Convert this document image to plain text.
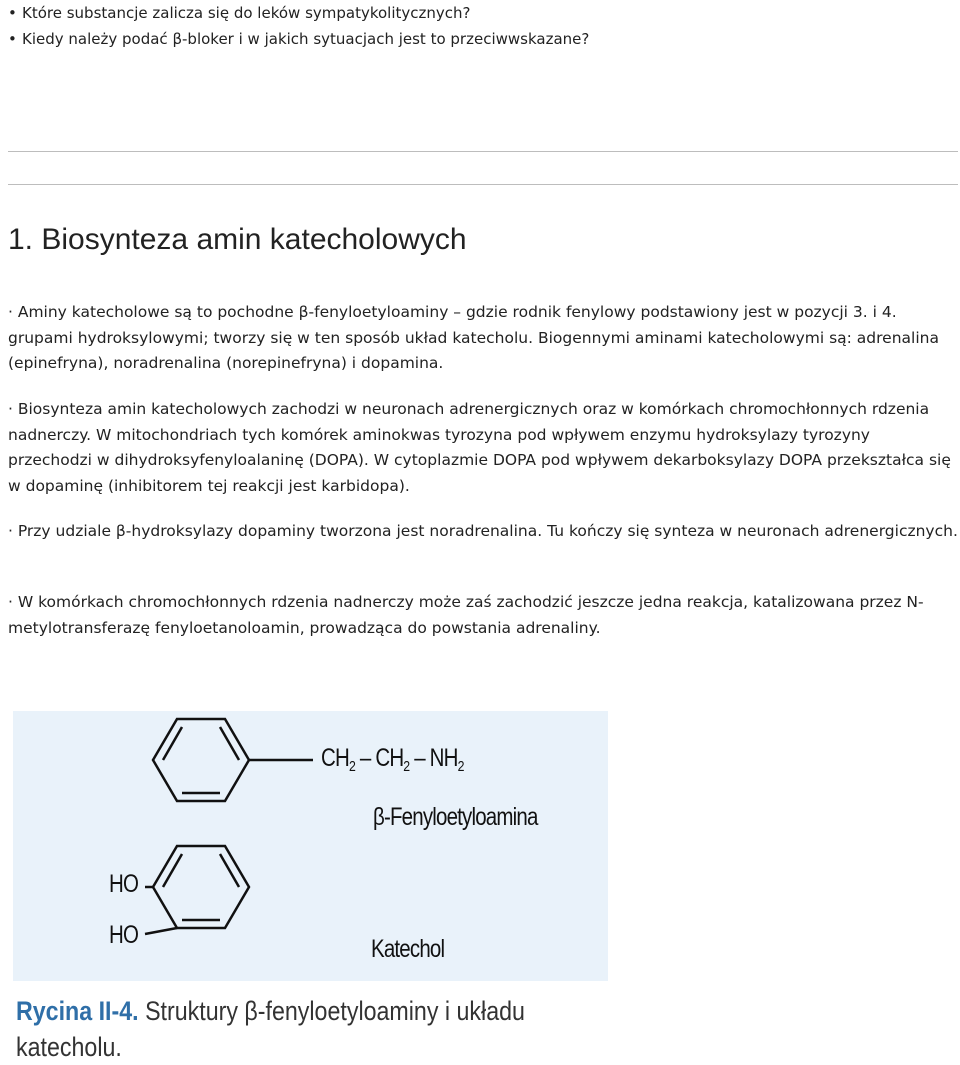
• Które substancje zalicza się do leków sympatykolitycznych?
• Kiedy należy podać β-bloker i w jakich sytuacjach jest to przeciwwskazane?
1. Biosynteza amin katecholowych

· Aminy katecholowe są to pochodne β-fenyloetyloaminy – gdzie rodnik fenylowy podstawiony jest w pozycji 3. i 4. grupami hydroksylowymi; tworzy się w ten sposób układ katecholu. Biogennymi aminami katecholowymi są: adrenalina (epinefryna), noradrenalina (norepinefryna) i dopamina.

· Biosynteza amin katecholowych zachodzi w neuronach adrenergicznych oraz w komórkach chromochłonnych rdzenia nadnerczy. W mitochondriach tych komórek aminokwas tyrozyna pod wpływem enzymu hydroksylazy tyrozyny przechodzi w dihydroksyfenyloalaninę (DOPA). W cytoplazmie DOPA pod wpływem dekarboksylazy DOPA przekształca się w dopaminę (inhibitorem tej reakcji jest karbidopa).

· Przy udziale β-hydroksylazy dopaminy tworzona jest noradrenalina. Tu kończy się synteza w neuronach adrenergicznych.

· W komórkach chromochłonnych rdzenia nadnerczy może zaś zachodzić jeszcze jedna reakcja, katalizowana przez N-metylotransferazę fenyloetanoloamin, prowadząca do powstania adrenaliny.

$CH_2 - CH_2 - NH_2$
β-Fenyloetyloamina
HO
HO	Katechol

Rycina II-4. Struktury β-fenyloetyloaminy i układu katecholu.
